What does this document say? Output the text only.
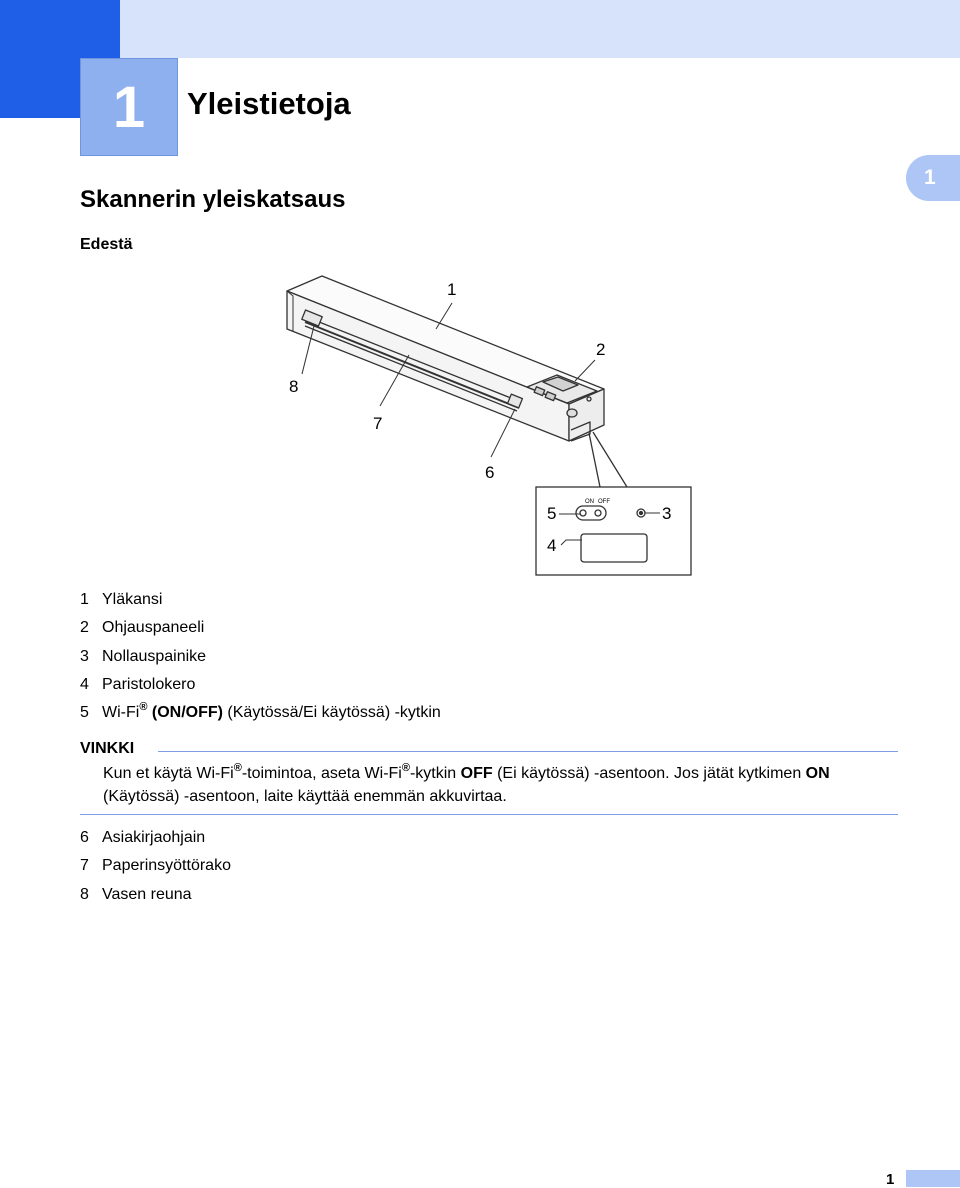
1	Yleistietoja
1
Skannerin yleiskatsaus
Edestä
ON OFF
1
2
3
4
5
6
7
8
1 Yläkansi
2 Ohjauspaneeli
3 Nollauspainike
4 Paristolokero
5 Wi-Fi® (ON/OFF) (Käytössä/Ei käytössä) -kytkin
VINKKI
Kun et käytä Wi-Fi®-toimintoa, aseta Wi-Fi®-kytkin OFF (Ei käytössä) -asentoon. Jos jätät kytkimen ON (Käytössä) -asentoon, laite käyttää enemmän akkuvirtaa.
6 Asiakirjaohjain
7 Paperinsyöttörako
8 Vasen reuna
1
